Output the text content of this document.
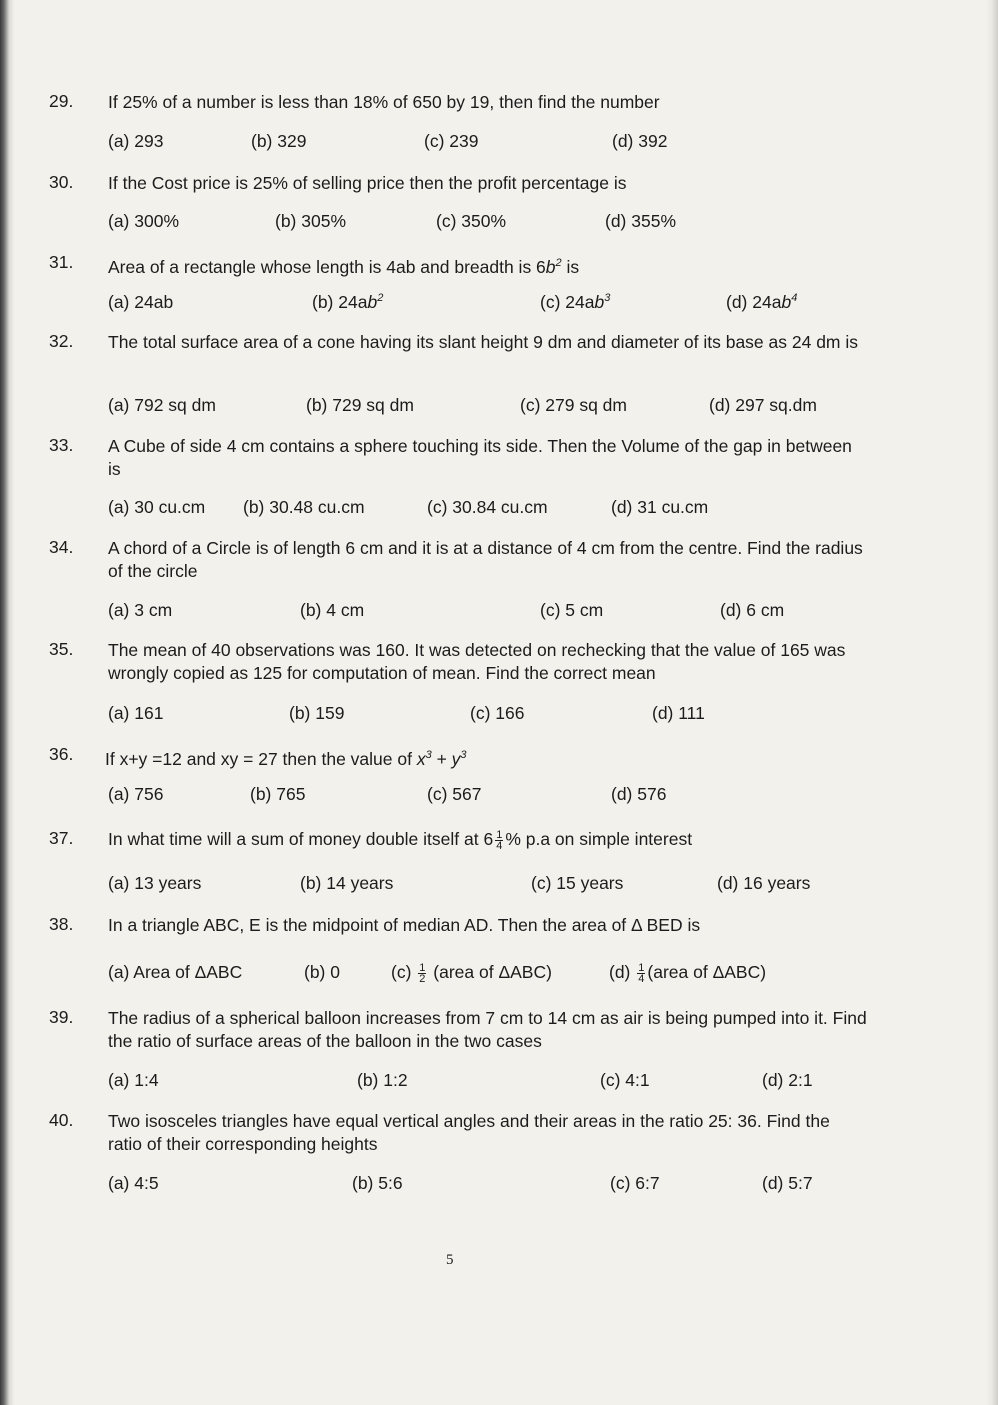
29. If 25% of a number is less than 18% of 650 by 19, then find the number
(a) 293	(b) 329	(c) 239	(d) 392
30. If the Cost price is 25% of selling price then the profit percentage is
(a) 300%	(b) 305%	(c) 350%	(d) 355%
31. Area of a rectangle whose length is 4ab and breadth is $6b^2$ is
(a) 24ab	(b) $24ab^2$	(c) $24ab^3$	(d) $24ab^4$
32. The total surface area of a cone having its slant height 9 dm and diameter of its base as 24 dm is
(a) 792 sq dm	(b) 729 sq dm	(c) 279 sq dm	(d) 297 sq.dm
33. A Cube of side 4 cm contains a sphere touching its side. Then the Volume of the gap in between is
(a) 30 cu.cm (b) 30.48 cu.cm	(c) 30.84 cu.cm	(d) 31 cu.cm
34. A chord of a Circle is of length 6 cm and it is at a distance of 4 cm from the centre. Find the radius of the circle
(a) 3 cm	(b) 4 cm	(c) 5 cm	(d) 6 cm
35. The mean of 40 observations was 160. It was detected on rechecking that the value of 165 was wrongly copied as 125 for computation of mean. Find the correct mean
(a) 161	(b) 159	(c) 166	(d) 111
36. If x+y =12 and xy = 27 then the value of $x^3 + y^3$
(a) 756	(b) 765	(c) 567	(d) 576
37. In what time will a sum of money double itself at $6 \frac{1}{4}$ % p.a on simple interest
(a) 13 years	(b) 14 years	(c) 15 years	(d) 16 years
38. In a triangle ABC, E is the midpoint of median AD. Then the area of Δ BED is
(a) Area of ΔABC	(b) 0	$(c) \frac{1}{2}$ (area of ΔABC)	$(d) \frac{1}{4}$ (area of ΔABC)
39. The radius of a spherical balloon increases from 7 cm to 14 cm as air is being pumped into it. Find the ratio of surface areas of the balloon in the two cases
(a) 1:4	(b) 1:2	(c) 4:1	(d) 2:1
40. Two isosceles triangles have equal vertical angles and their areas in the ratio 25: 36. Find the ratio of their corresponding heights
(a) 4:5	(b) 5:6	(c) 6:7	(d) 5:7
5
